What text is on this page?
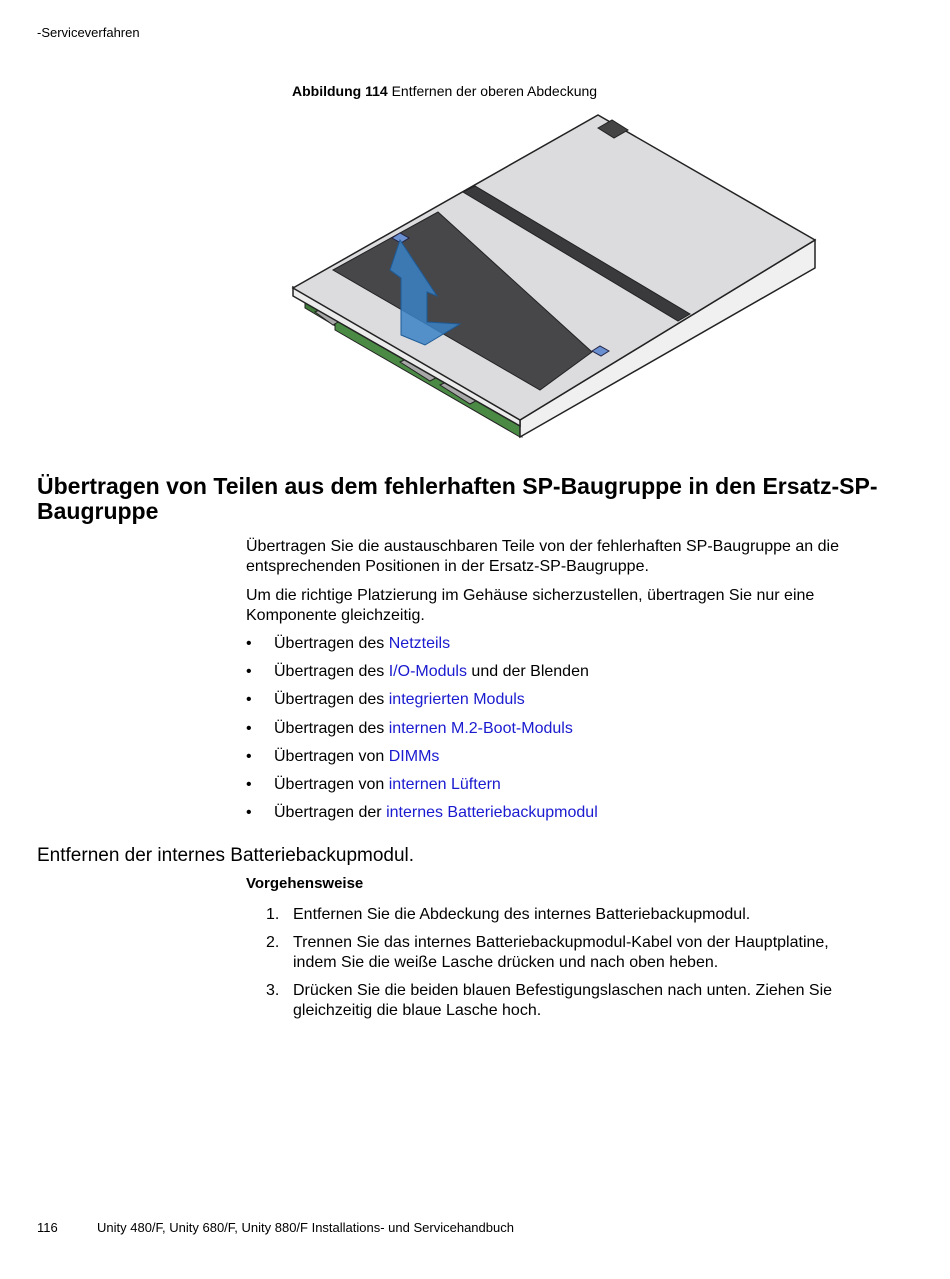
-Serviceverfahren
Abbildung 114 Entfernen der oberen Abdeckung
Übertragen von Teilen aus dem fehlerhaften SP-Baugruppe in den Ersatz-SP-Baugruppe
Übertragen Sie die austauschbaren Teile von der fehlerhaften SP-Baugruppe an die entsprechenden Positionen in der Ersatz-SP-Baugruppe.
Um die richtige Platzierung im Gehäuse sicherzustellen, übertragen Sie nur eine Komponente gleichzeitig.
• Übertragen des Netzteils
• Übertragen des I/O-Moduls und der Blenden
• Übertragen des integrierten Moduls
• Übertragen des internen M.2-Boot-Moduls
• Übertragen von DIMMs
• Übertragen von internen Lüftern
• Übertragen der internes Batteriebackupmodul
Entfernen der internes Batteriebackupmodul.
Vorgehensweise
1. Entfernen Sie die Abdeckung des internes Batteriebackupmodul.
2. Trennen Sie das internes Batteriebackupmodul-Kabel von der Hauptplatine, indem Sie die weiße Lasche drücken und nach oben heben.
3. Drücken Sie die beiden blauen Befestigungslaschen nach unten. Ziehen Sie gleichzeitig die blaue Lasche hoch.
116	Unity 480/F, Unity 680/F, Unity 880/F Installations- und Servicehandbuch
